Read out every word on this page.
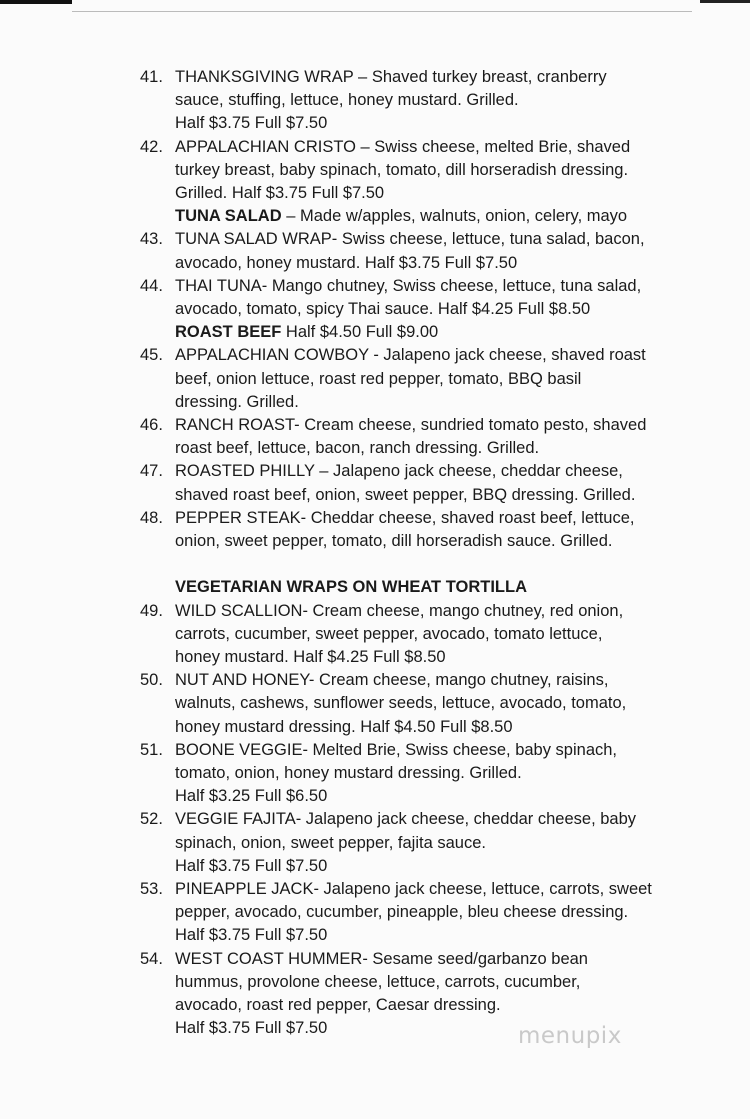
41. THANKSGIVING WRAP – Shaved turkey breast, cranberry
sauce, stuffing, lettuce, honey mustard. Grilled.
Half $3.75 Full $7.50
42. APPALACHIAN CRISTO – Swiss cheese, melted Brie, shaved
turkey breast, baby spinach, tomato, dill horseradish dressing.
Grilled. Half $3.75 Full $7.50
TUNA SALAD – Made w/apples, walnuts, onion, celery, mayo
43. TUNA SALAD WRAP- Swiss cheese, lettuce, tuna salad, bacon,
avocado, honey mustard. Half $3.75 Full $7.50
44. THAI TUNA- Mango chutney, Swiss cheese, lettuce, tuna salad,
avocado, tomato, spicy Thai sauce. Half $4.25 Full $8.50
ROAST BEEF Half $4.50 Full $9.00
45. APPALACHIAN COWBOY - Jalapeno jack cheese, shaved roast
beef, onion lettuce, roast red pepper, tomato, BBQ basil
dressing. Grilled.
46. RANCH ROAST- Cream cheese, sundried tomato pesto, shaved
roast beef, lettuce, bacon, ranch dressing. Grilled.
47. ROASTED PHILLY – Jalapeno jack cheese, cheddar cheese,
shaved roast beef, onion, sweet pepper, BBQ dressing. Grilled.
48. PEPPER STEAK- Cheddar cheese, shaved roast beef, lettuce,
onion, sweet pepper, tomato, dill horseradish sauce. Grilled.
VEGETARIAN WRAPS ON WHEAT TORTILLA
49. WILD SCALLION- Cream cheese, mango chutney, red onion,
carrots, cucumber, sweet pepper, avocado, tomato lettuce,
honey mustard. Half $4.25 Full $8.50
50. NUT AND HONEY- Cream cheese, mango chutney, raisins,
walnuts, cashews, sunflower seeds, lettuce, avocado, tomato,
honey mustard dressing. Half $4.50 Full $8.50
51. BOONE VEGGIE- Melted Brie, Swiss cheese, baby spinach,
tomato, onion, honey mustard dressing. Grilled.
Half $3.25 Full $6.50
52. VEGGIE FAJITA- Jalapeno jack cheese, cheddar cheese, baby
spinach, onion, sweet pepper, fajita sauce.
Half $3.75 Full $7.50
53. PINEAPPLE JACK- Jalapeno jack cheese, lettuce, carrots, sweet
pepper, avocado, cucumber, pineapple, bleu cheese dressing.
Half $3.75 Full $7.50
54. WEST COAST HUMMER- Sesame seed/garbanzo bean
hummus, provolone cheese, lettuce, carrots, cucumber,
avocado, roast red pepper, Caesar dressing.
Half $3.75 Full $7.50	menupix
